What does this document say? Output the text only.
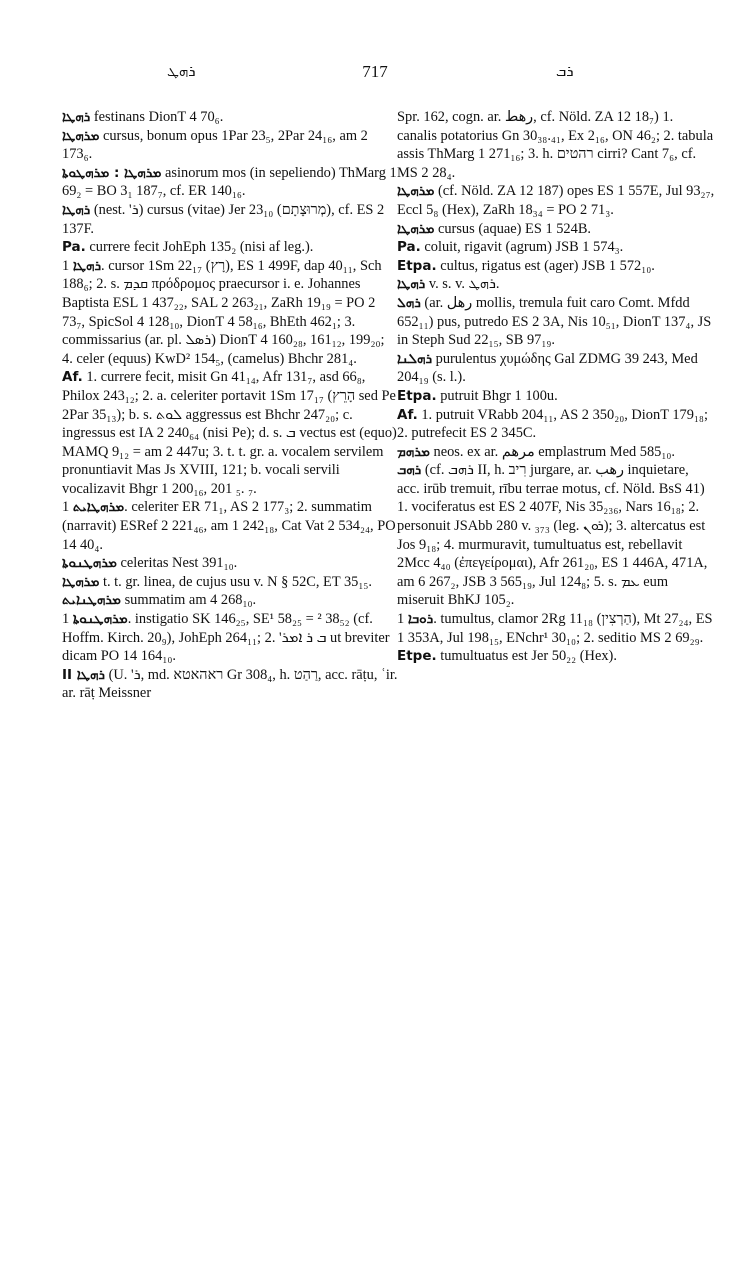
ܪܗܛ	717	ܪܒ
ܪܗܛܐ festinans DionT 4 70₆.
ܡܪܗܛܐ cursus, bonum opus 1Par 23₅, 2Par 24₁₆, am 2 173₆.
ܡܪܗܛܐ : ܡܪܗܛܘܬܐ asinorum mos (in sepeliendo) ThMarg 1 69₂ = BO 3₁ 187₇, cf. ER 140₁₆.
ܪܗܛܐ (nest. 'ܪ) cursus (vitae) Jer 23₁₀ (מְרוּצָתָם), cf. ES 2 137F.
Pa. currere fecit JohEph 135₂ (nisi af leg.).
ܪܗܛܐ 1. cursor 1Sm 22₁₇ (רָץ), ES 1 499F, dap 40₁₁, Sch 188₆; 2. s. ܩܕܡ πρόδρομος praecursor i. e. Johannes Baptista ESL 1 437₂₂, SAL 2 263₂₁, ZaRh 19₁₉ = PO 2 73₇, SpicSol 4 128₁₀, DionT 4 58₁₆, BhEth 462₁; 3. commissarius (ar. pl. ܪܣܠ) DionT 4 160₂₈, 161₁₂, 199₂₀; 4. celer (equus) KwD² 154₅, (camelus) Bhchr 281₄.
Af. 1. currere fecit, misit Gn 41₁₄, Afr 131₇, asd 66₈, Philox 243₁₂; 2. a. celeriter portavit 1Sm 17₁₇ (הָרֵץ sed Pe 2Par 35₁₃); b. s. ܠܘܬ aggressus est Bhchr 247₂₀; c. ingressus est IA 2 240₆₄ (nisi Pe); d. s. ܒ vectus est (equo) MAMQ 9₁₂ = am 2 447u; 3. t. t. gr. a. vocalem servilem pronuntiavit Mas Js XVIII, 121; b. vocali servili vocalizavit Bhgr 1 200₁₆, 201 ₅. ₇.
ܡܪܗܛܐܝܬ 1. celeriter ER 71₁, AS 2 177₃; 2. summatim (narravit) ESRef 2 221₄₆, am 1 242₁₈, Cat Vat 2 534₂₄, PO 14 40₄.
ܡܪܗܛܢܘܬܐ celeritas Nest 391₁₀.
ܡܪܗܛܐ t. t. gr. linea, de cujus usu v. N § 52C, ET 35₁₅.
ܡܪܗܛܢܐܝܬ summatim am 4 268₁₀.
ܡܪܗܛܢܘܬܐ 1. instigatio SK 146₂₅, SE¹ 58₂₅ = ² 38₅₂ (cf. Hoffm. Kirch. 20₉), JohEph 264₁₁; 2. 'ܒ ܪ ܐܡܪ ut breviter dicam PO 14 164₁₀.
II ܪܗܛܐ (U. 'ܪ, md. ראהאטא Gr 308₄, h. רַהַט, acc. rāṭu, ʿir. ar. rāṭ Meissner
Spr. 162, cogn. ar. رهط, cf. Nöld. ZA 12 18₇) 1. canalis potatorius Gn 30₃₈.₄₁, Ex 2₁₆, ON 46₂; 2. tabula assis ThMarg 1 271₁₆; 3. h. רהטים cirri? Cant 7₆, cf. MS 2 28₄.
ܡܪܗܛܐ (cf. Nöld. ZA 12 187) opes ES 1 557E, Jul 93₂₇, Eccl 5₈ (Hex), ZaRh 18₃₄ = PO 2 71₃.
ܡܪܗܛܐ cursus (aquae) ES 1 524B.
Pa. coluit, rigavit (agrum) JSB 1 574₃.
Etpa. cultus, rigatus est (ager) JSB 1 572₁₀.
ܪܗܛܐ v. s. v. ܪܗܛ.
ܪܗܠ (ar. رهل mollis, tremula fuit caro Comt. Mfdd 652₁₁) pus, putredo ES 2 3A, Nis 10₅₁, DionT 137₄, JS in Steph Sud 22₁₅, SB 97₁₉.
ܪܗܠܢܐ purulentus χυμώδης Gal ZDMG 39 243, Med 204₁₉ (s. l.).
Etpa. putruit Bhgr 1 100u.
Af. 1. putruit VRabb 204₁₁, AS 2 350₂₀, DionT 179₁₈; 2. putrefecit ES 2 345C.
ܡܪܗܡ neos. ex ar. مرهم emplastrum Med 585₁₀.
ܪܗܒ (cf. ܪܗܒ II, h. רִיב jurgare, ar. رهب inquietare, acc. irūb tremuit, rību terrae motus, cf. Nöld. BsS 41) 1. vociferatus est ES 2 407F, Nis 35₂₃₆, Nars 16₁₈; 2. personuit JSAbb 280 v. ₃₇₃ (leg. ܪܘܢ); 3. altercatus est Jos 9₁₈; 4. murmuravit, tumultuatus est, rebellavit 2Mcc 4₄₀ (ἐπεγείρομαι), Afr 261₂₀, ES 1 446A, 471A, am 6 267₂, JSB 3 565₁₉, Jul 124₈; 5. s. ܥܡ eum miseruit BhKJ 105₂.
ܪܘܒܐ 1. tumultus, clamor 2Rg 11₁₈ (הַרְצִין), Mt 27₂₄, ES 1 353A, Jul 198₁₅, ENchr¹ 30₁₀; 2. seditio MS 2 69₂₉.
Etpe. tumultuatus est Jer 50₂₂ (Hex).
